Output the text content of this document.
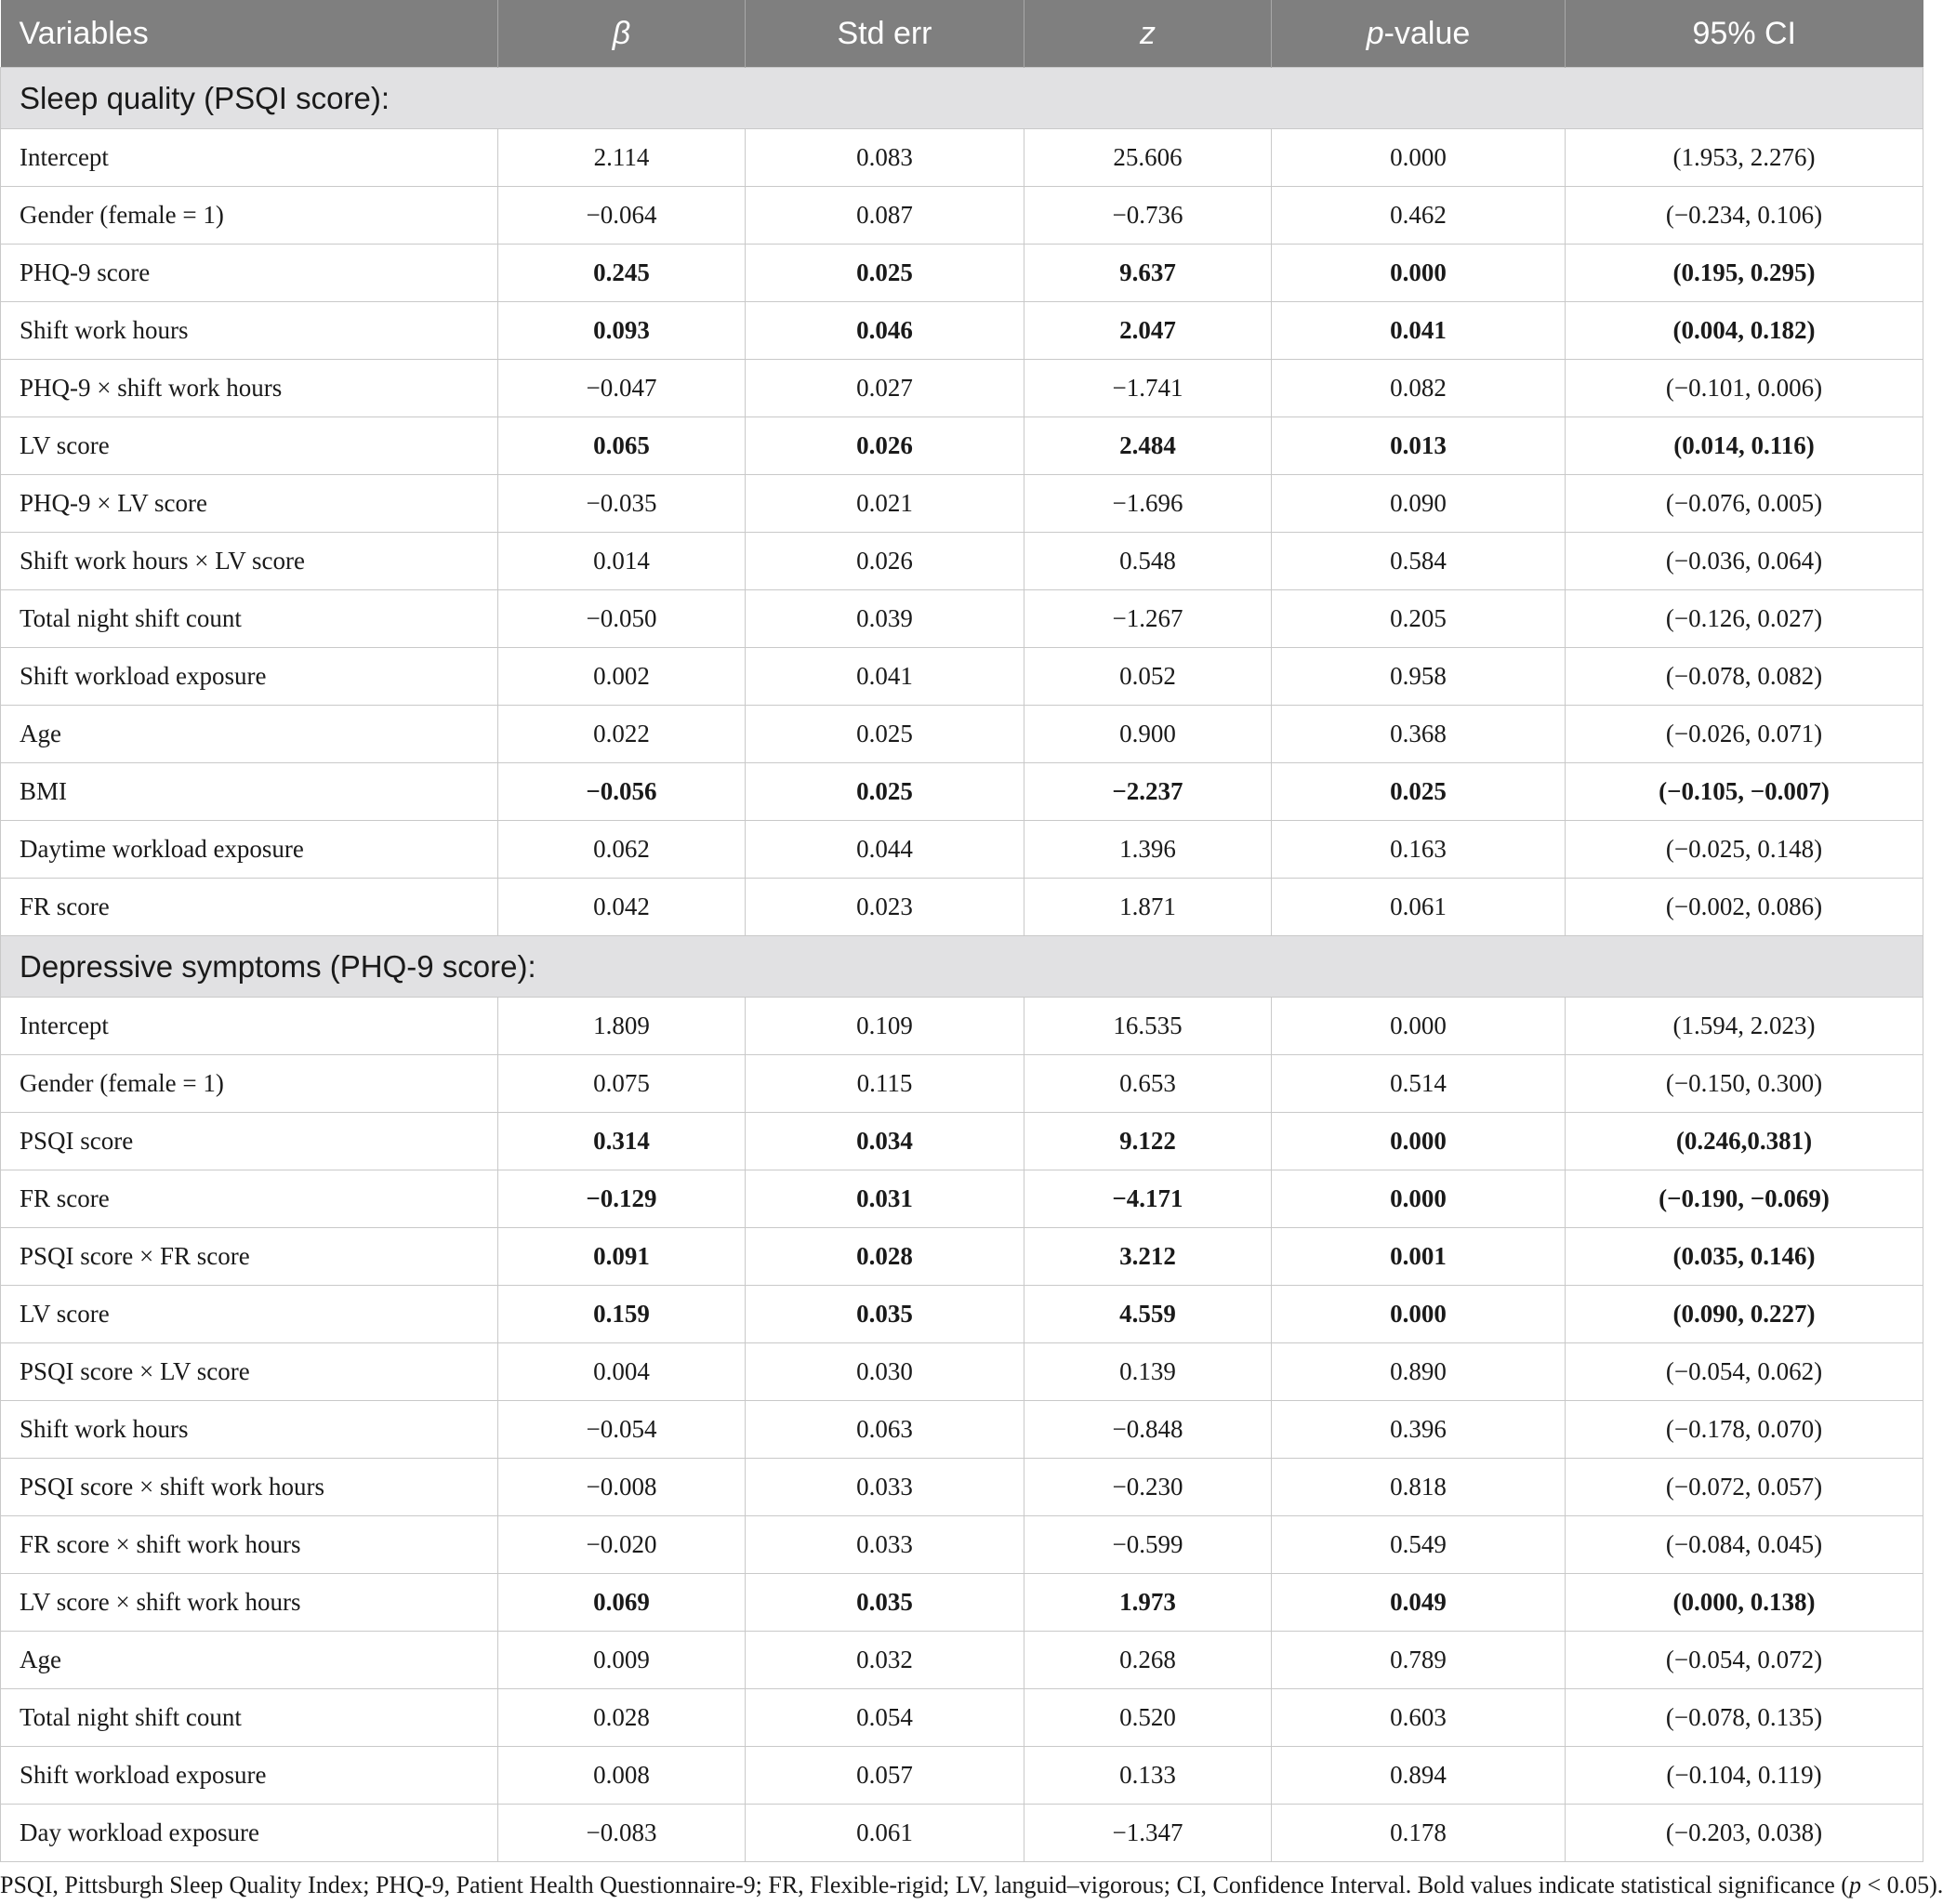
Variables	β	Std err	z	p-value	95% CI
Sleep quality (PSQI score):					
Intercept	2.114	0.083	25.606	0.000	(1.953, 2.276)
Gender (female = 1)	−0.064	0.087	−0.736	0.462	(−0.234, 0.106)
PHQ-9 score	0.245	0.025	9.637	0.000	(0.195, 0.295)
Shift work hours	0.093	0.046	2.047	0.041	(0.004, 0.182)
PHQ-9 × shift work hours	−0.047	0.027	−1.741	0.082	(−0.101, 0.006)
LV score	0.065	0.026	2.484	0.013	(0.014, 0.116)
PHQ-9 × LV score	−0.035	0.021	−1.696	0.090	(−0.076, 0.005)
Shift work hours × LV score	0.014	0.026	0.548	0.584	(−0.036, 0.064)
Total night shift count	−0.050	0.039	−1.267	0.205	(−0.126, 0.027)
Shift workload exposure	0.002	0.041	0.052	0.958	(−0.078, 0.082)
Age	0.022	0.025	0.900	0.368	(−0.026, 0.071)
BMI	−0.056	0.025	−2.237	0.025	(−0.105, −0.007)
Daytime workload exposure	0.062	0.044	1.396	0.163	(−0.025, 0.148)
FR score	0.042	0.023	1.871	0.061	(−0.002, 0.086)
Depressive symptoms (PHQ-9 score):					
Intercept	1.809	0.109	16.535	0.000	(1.594, 2.023)
Gender (female = 1)	0.075	0.115	0.653	0.514	(−0.150, 0.300)
PSQI score	0.314	0.034	9.122	0.000	(0.246,0.381)
FR score	−0.129	0.031	−4.171	0.000	(−0.190, −0.069)
PSQI score × FR score	0.091	0.028	3.212	0.001	(0.035, 0.146)
LV score	0.159	0.035	4.559	0.000	(0.090, 0.227)
PSQI score × LV score	0.004	0.030	0.139	0.890	(−0.054, 0.062)
Shift work hours	−0.054	0.063	−0.848	0.396	(−0.178, 0.070)
PSQI score × shift work hours	−0.008	0.033	−0.230	0.818	(−0.072, 0.057)
FR score × shift work hours	−0.020	0.033	−0.599	0.549	(−0.084, 0.045)
LV score × shift work hours	0.069	0.035	1.973	0.049	(0.000, 0.138)
Age	0.009	0.032	0.268	0.789	(−0.054, 0.072)
Total night shift count	0.028	0.054	0.520	0.603	(−0.078, 0.135)
Shift workload exposure	0.008	0.057	0.133	0.894	(−0.104, 0.119)
Day workload exposure	−0.083	0.061	−1.347	0.178	(−0.203, 0.038)
PSQI, Pittsburgh Sleep Quality Index; PHQ-9, Patient Health Questionnaire-9; FR, Flexible-rigid; LV, languid–vigorous; CI, Confidence Interval. Bold values indicate statistical significance (p < 0.05).
